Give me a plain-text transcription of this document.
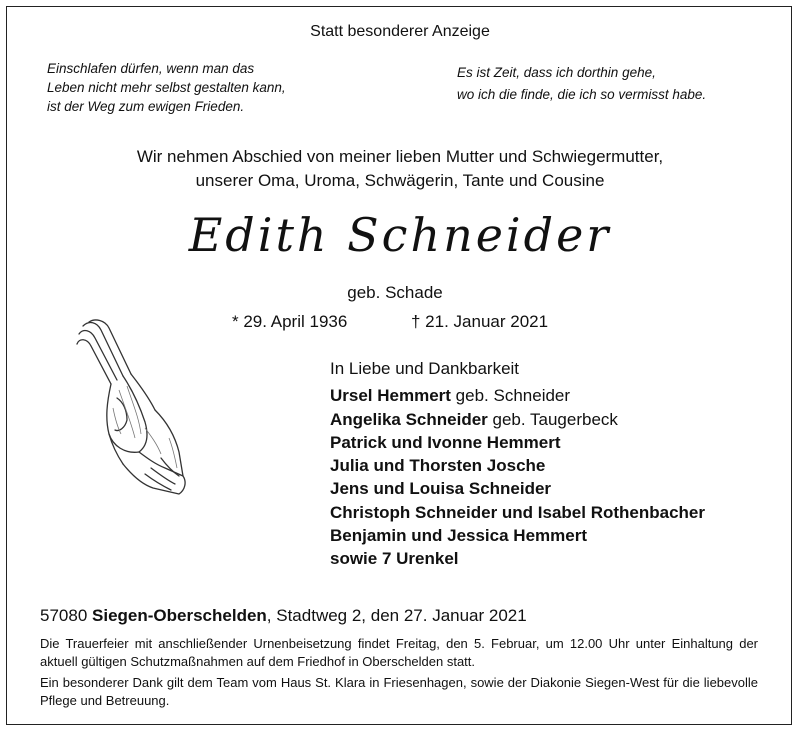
Statt besonderer Anzeige
Einschlafen dürfen, wenn man das
Leben nicht mehr selbst gestalten kann,
ist der Weg zum ewigen Frieden.
Es ist Zeit, dass ich dorthin gehe,
wo ich die finde, die ich so vermisst habe.
Wir nehmen Abschied von meiner lieben Mutter und Schwiegermutter,
unserer Oma, Uroma, Schwägerin, Tante und Cousine
Edith Schneider
geb. Schade
* 29. April 1936	† 21. Januar 2021
In Liebe und Dankbarkeit
Ursel Hemmert geb. Schneider
Angelika Schneider geb. Taugerbeck
Patrick und Ivonne Hemmert
Julia und Thorsten Josche
Jens und Louisa Schneider
Christoph Schneider und Isabel Rothenbacher
Benjamin und Jessica Hemmert
sowie 7 Urenkel
57080 Siegen-Oberschelden, Stadtweg 2, den 27. Januar 2021

Die Trauerfeier mit anschließender Urnenbeisetzung findet Freitag, den 5. Februar, um 12.00 Uhr unter Einhaltung der aktuell gültigen Schutzmaßnahmen auf dem Friedhof in Oberschelden statt.

Ein besonderer Dank gilt dem Team vom Haus St. Klara in Friesenhagen, sowie der Diakonie Siegen-West für die liebevolle Pflege und Betreuung.
